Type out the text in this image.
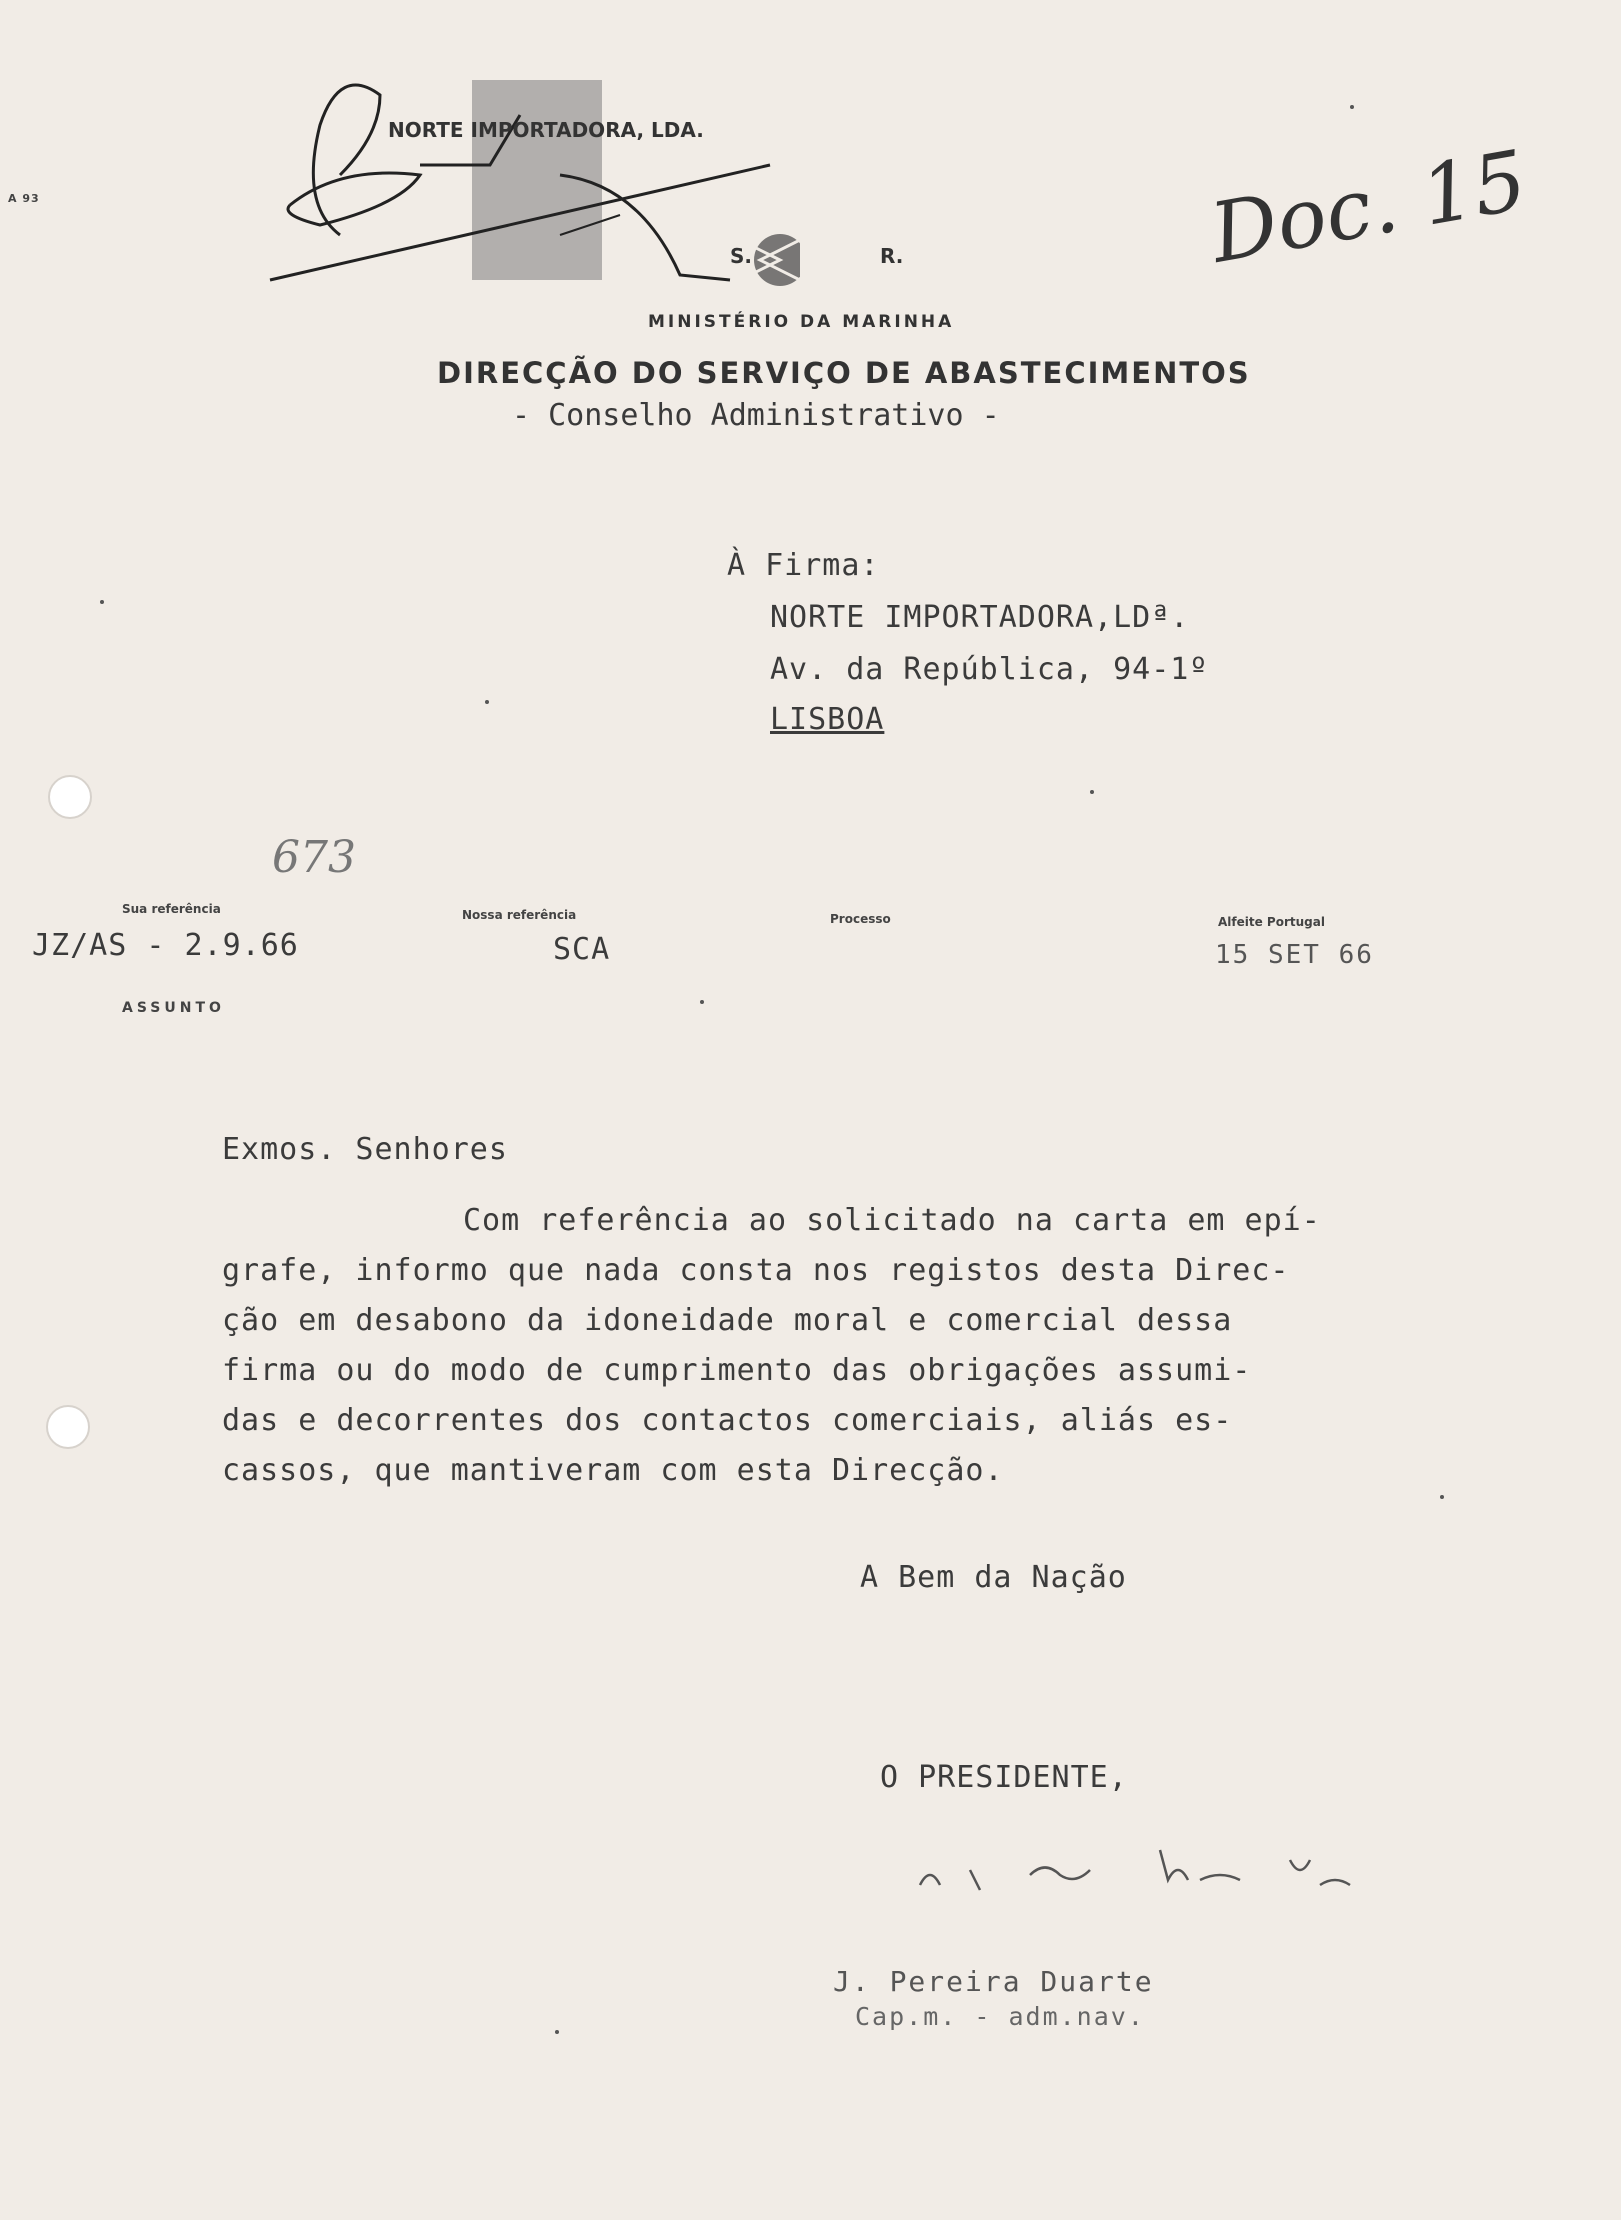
A 93
NORTE IMPORTADORA, LDA.
S.	R.
MINISTÉRIO DA MARINHA
DIRECÇÃO DO SERVIÇO DE ABASTECIMENTOS
- Conselho Administrativo -
Doc. 15
À Firma:
NORTE IMPORTADORA,LDª.
Av. da República, 94-1º
LISBOA
673
Sua referência
JZ/AS - 2.9.66
Nossa referência
SCA
Processo	Alfeite Portugal
15 SET 66
ASSUNTO
Exmos. Senhores
Com referência ao solicitado na carta em epí-
grafe, informo que nada consta nos registos desta Direc-
ção em desabono da idoneidade moral e comercial dessa
firma ou do modo de cumprimento das obrigações assumi-
das e decorrentes dos contactos comerciais, aliás es-
cassos, que mantiveram com esta Direcção.
A Bem da Nação
O PRESIDENTE,
J. Pereira Duarte
Cap.m. - adm.nav.
